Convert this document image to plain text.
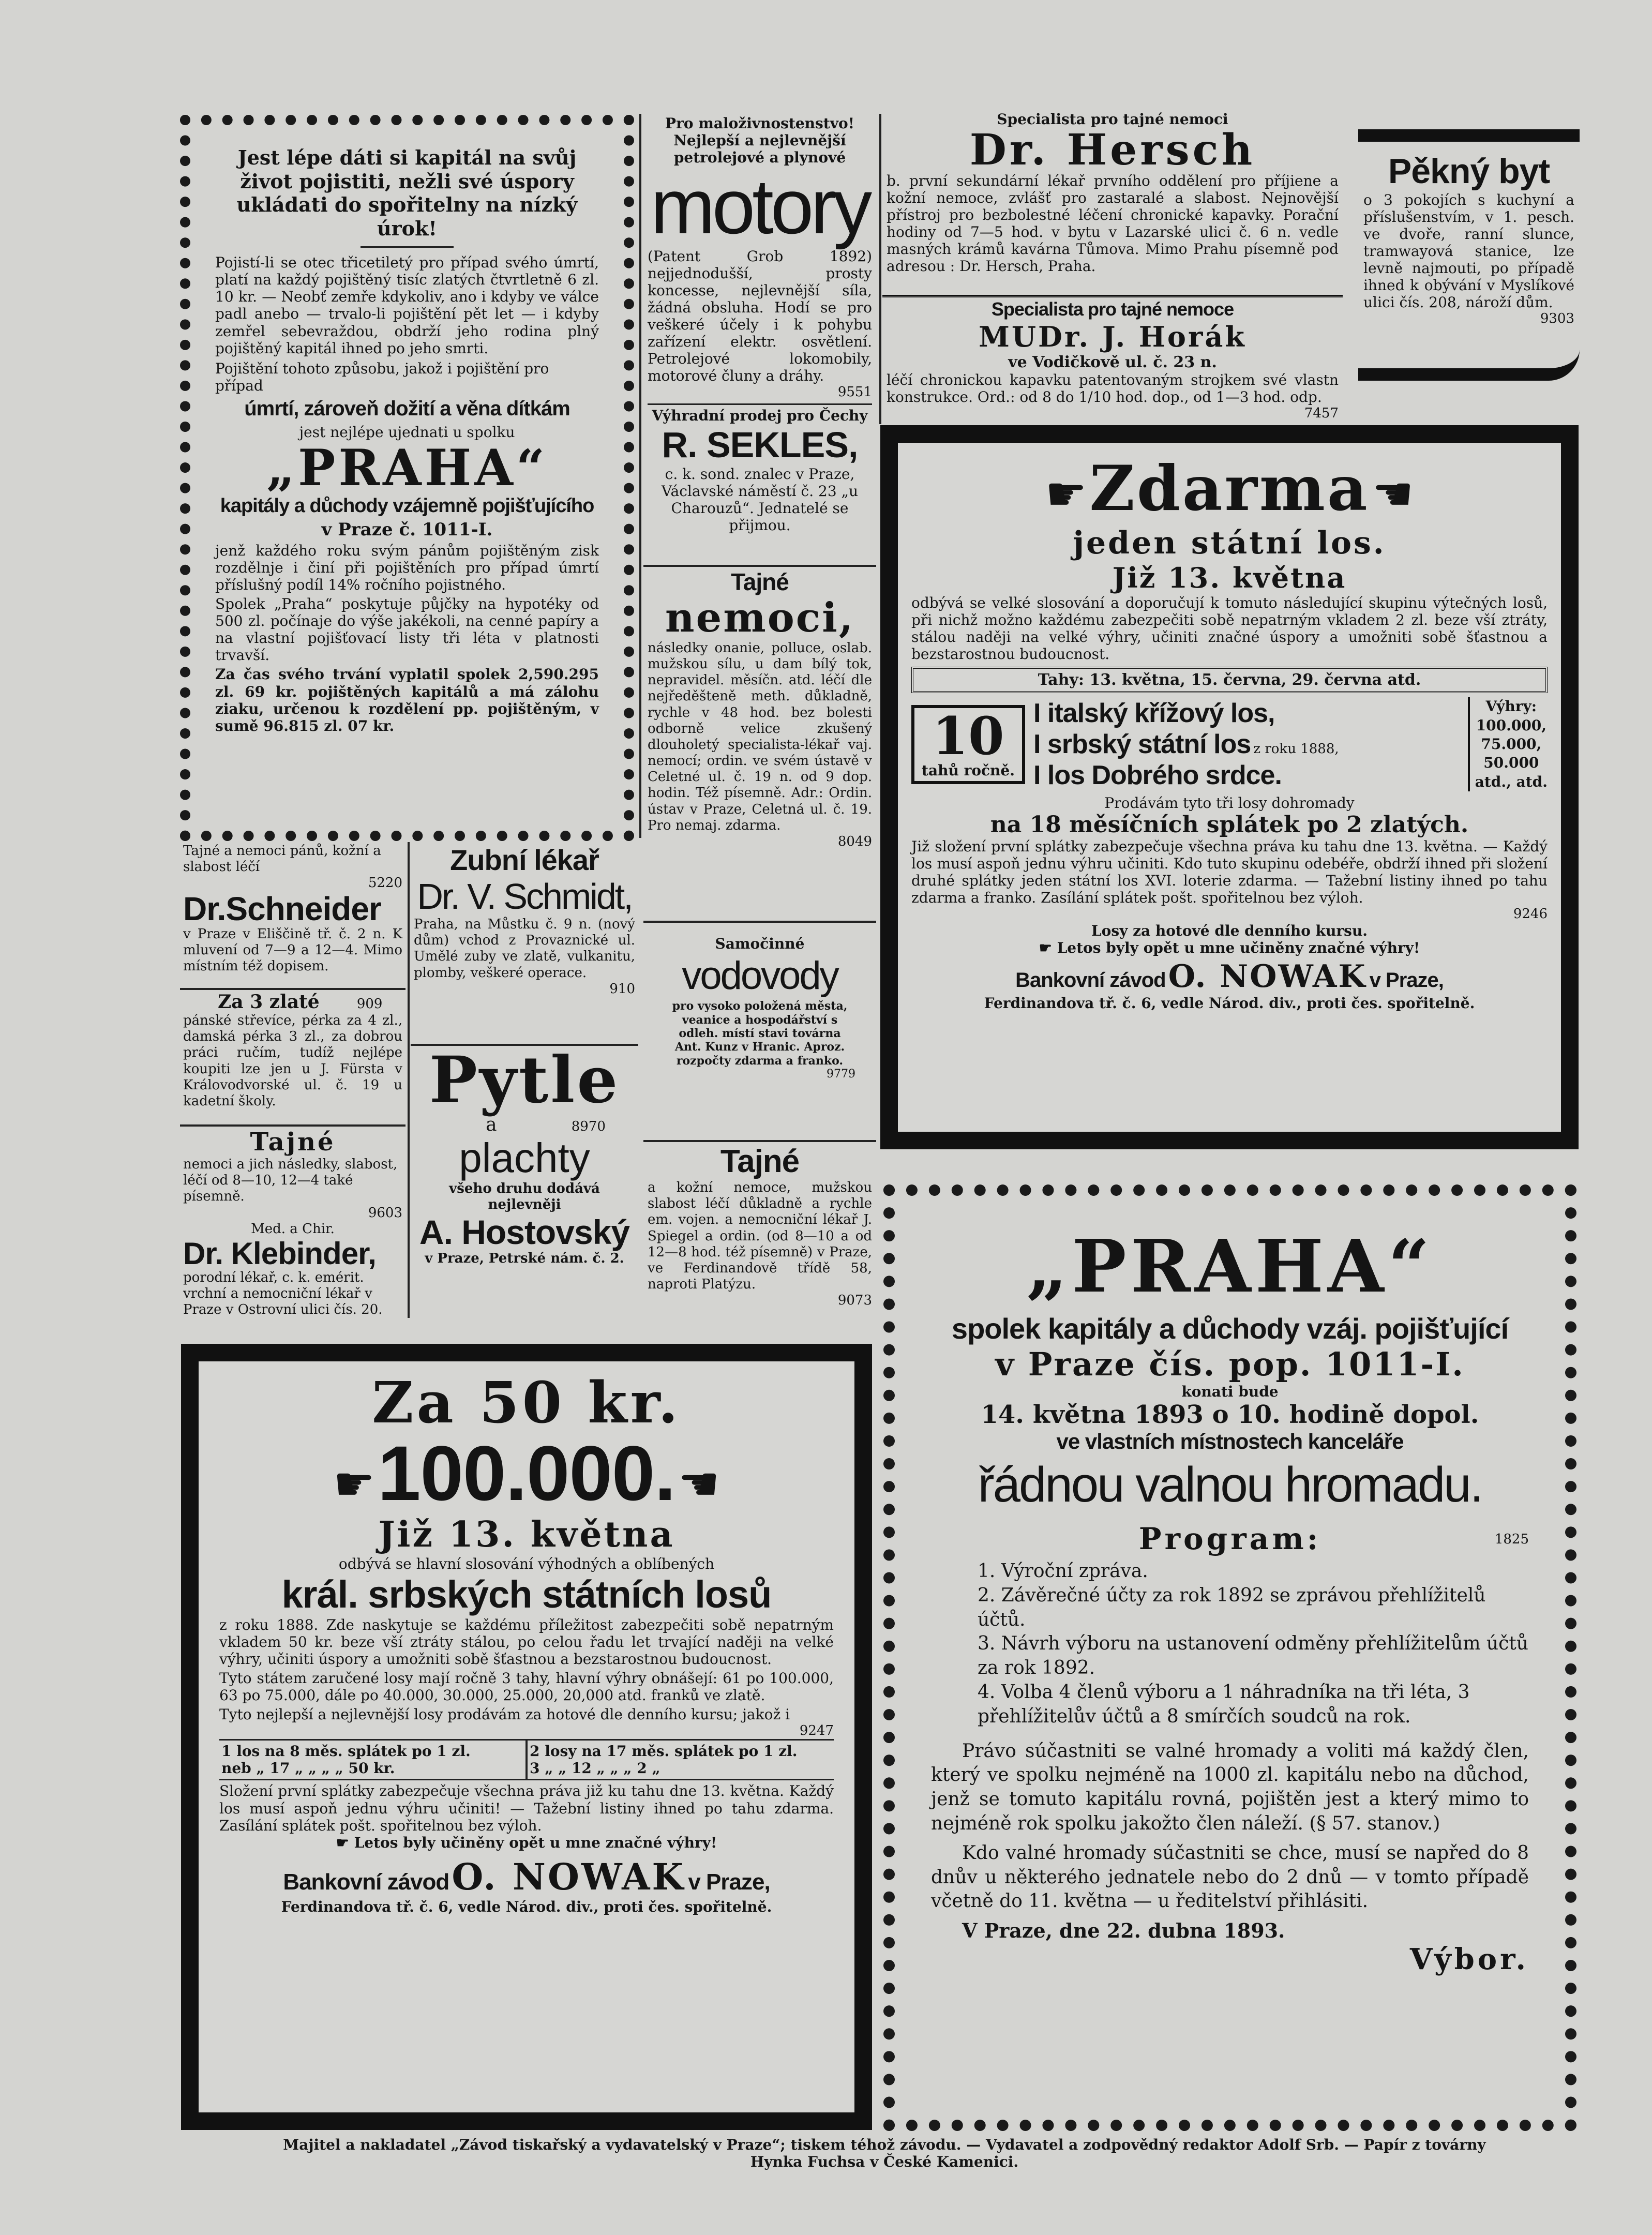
Jest lépe dáti si kapitál na svůj život pojistiti, nežli své úspory ukládati do spořitelny na nízký úrok!
Pojistí-li se otec třicetiletý pro případ svého úmrtí, platí na každý pojištěný tisíc zlatých čtvrtletně 6 zl. 10 kr. — Neobť zemře kdykoliv, ano i kdyby ve válce padl anebo — trvalo-li pojištění pět let — i kdyby zemřel sebevraždou, obdrží jeho rodina plný pojištěný kapitál ihned po jeho smrti.
Pojištění tohoto způsobu, jakož i pojištění pro případ
úmrtí, zároveň dožití a věna dítkám
jest nejlépe ujednati u spolku
„PRAHA“
kapitály a důchody vzájemně pojišťujícího
v Praze č. 1011-I.
jenž každého roku svým pánům pojištěným zisk rozdělnje i činí při pojištěních pro případ úmrtí příslušný podíl 14% ročního pojistného.
Spolek „Praha“ poskytuje půjčky na hypotéky od 500 zl. počínaje do výše jakékoli, na cenné papíry a na vlastní pojišťovací listy tři léta v platnosti trvavší.
Za čas svého trvání vyplatil spolek 2,590.295 zl. 69 kr. pojištěných kapitálů a má zálohu ziaku, určenou k rozdělení pp. pojištěným, v sumě 96.815 zl. 07 kr.
Pro maloživnostenstvo!
Nejlepší a nejlevnější petrolejové a plynové
motory
(Patent Grob 1892) nejjednodušší, prosty koncesse, nejlevnější síla, žádná obsluha. Hodí se pro veškeré účely i k pohybu zařízení elektr. osvětlení. Petrolejové lokomobily, motorové čluny a dráhy.
9551
Výhradní prodej pro Čechy
R. SEKLES,
c. k. sond. znalec v Praze, Václavské náměstí č. 23 „u Charouzů“. Jednatelé se přijmou.
Specialista pro tajné nemoci
Dr. Hersch
b. první sekundární lékař prvního oddělení pro příjiene a kožní nemoce, zvlášť pro zastaralé a slabost. Nejnovější přístroj pro bezbolestné léčení chronické kapavky. Porační hodiny od 7—5 hod. v bytu v Lazarské ulici č. 6 n. vedle masných krámů kavárna Tůmova. Mimo Prahu písemně pod adresou : Dr. Hersch, Praha.
Specialista pro tajné nemoce
MUDr. J. Horák
ve Vodičkově ul. č. 23 n.
léčí chronickou kapavku patentovaným strojkem své vlastn konstrukce. Ord.: od 8 do 1/10 hod. dop., od 1—3 hod. odp.
7457
Pěkný byt
o 3 pokojích s kuchyní a příslušenstvím, v 1. pesch. ve dvoře, ranní slunce, tramwayová stanice, lze levně najmouti, po případě ihned k obývání v Myslíkové ulici čís. 208, nároží dům.
9303
☛ Zdarma ☚
jeden státní los.
Již 13. května
odbývá se velké slosování a doporučují k tomuto následující skupinu výtečných losů, při nichž možno každému zabezpečiti sobě nepatrným vkladem 2 zl. beze vší ztráty, stálou naději na velké výhry, učiniti značné úspory a umožniti sobě šťastnou a bezstarostnou budoucnost.
Tahy: 13. května, 15. června, 29. června atd.
10
tahů ročně.
I italský křížový los,
I srbský státní los z roku 1888,
I los Dobrého srdce.
Výhry:
100.000,
75.000,
50.000
atd., atd.
Prodávám tyto tři losy dohromady
na 18 měsíčních splátek po 2 zlatých.
Již složení první splátky zabezpečuje všechna práva ku tahu dne 13. května. — Každý los musí aspoň jednu výhru učiniti. Kdo tuto skupinu odebéře, obdrží ihned při složení druhé splátky jeden státní los XVI. loterie zdarma. — Tažební listiny ihned po tahu zdarma a franko. Zasílání splátek pošt. spořitelnou bez výloh.
9246
Losy za hotové dle denního kursu.
☛ Letos byly opět u mne učiněny značné výhry!
Bankovní závod O. NOWAK v Praze,
Ferdinandova tř. č. 6, vedle Národ. div., proti čes. spořitelně.
Tajné a nemoci pánů, kožní a slabost léčí
5220
Dr.Schneider
v Praze v Eliščině tř. č. 2 n. K mluvení od 7—9 a 12—4. Mimo místním též dopisem.
Za 3 zlaté	909
pánské střevíce, pérka za 4 zl., damská pérka 3 zl., za dobrou práci ručím, tudíž nejlépe koupiti lze jen u J. Fürsta v Královodvorské ul. č. 19 u kadetní školy.
Tajné
nemoci a jich následky, slabost, léčí od 8—10, 12—4 také písemně.
9603
Med. a Chir.
Dr. Klebinder,
porodní lékař, c. k. emérit. vrchní a nemocniční lékař v Praze v Ostrovní ulici čís. 20.
Zubní lékař
Dr. V. Schmidt,
Praha, na Můstku č. 9 n. (nový dům) vchod z Provaznické ul. Umělé zuby ve zlatě, vulkanitu, plomby, veškeré operace.
910
Pytle
a	8970
plachty
všeho druhu dodává nejlevněji
A. Hostovský
v Praze, Petrské nám. č. 2.
Tajné
nemoci,
následky onanie, polluce, oslab. mužskou sílu, u dam bílý tok, nepravidel. měsíčn. atd. léčí dle nejředěšteně meth. důkladně, rychle v 48 hod. bez bolesti odborně velice zkušený dlouholetý specialista-lékař vaj. nemocí; ordin. ve svém ústavě v Celetné ul. č. 19 n. od 9 dop. hodin. Též písemně. Adr.: Ordin. ústav v Praze, Celetná ul. č. 19. Pro nemaj. zdarma.
8049
Samočinné
vodovody
pro vysoko položená města, veanice a hospodářství s odleh. místí stavi továrna Ant. Kunz v Hranic. Aproz. rozpočty zdarma a franko.
9779
Tajné
a kožní nemoce, mužskou slabost léčí důkladně a rychle em. vojen. a nemocniční lékař J. Spiegel a ordin. (od 8—10 a od 12—8 hod. též písemně) v Praze, ve Ferdinandově třídě 58, naproti Platýzu.
9073
Za 50 kr.
☛ 100.000. ☚
Již 13. května
odbývá se hlavní slosování výhodných a oblíbených
král. srbských státních losů
z roku 1888. Zde naskytuje se každému příležitost zabezpečiti sobě nepatrným vkladem 50 kr. beze vší ztráty stálou, po celou řadu let trvající naději na velké výhry, učiniti úspory a umožniti sobě šťastnou a bezstarostnou budoucnost.
Tyto státem zaručené losy mají ročně 3 tahy, hlavní výhry obnášejí: 61 po 100.000, 63 po 75.000, dále po 40.000, 30.000, 25.000, 20,000 atd. franků ve zlatě.
Tyto nejlepší a nejlevnější losy prodávám za hotové dle denního kursu; jakož i
9247
1 los na 8 měs. splátek po 1 zl.
neb „ 17 „ „ „ „ 50 kr.
2 losy na 17 měs. splátek po 1 zl.
3 „ „ 12 „ „ „ 2 „
Složení první splátky zabezpečuje všechna práva již ku tahu dne 13. května. Každý los musí aspoň jednu výhru učiniti! — Tažební listiny ihned po tahu zdarma. Zasílání splátek pošt. spořitelnou bez výloh.
☛ Letos byly učiněny opět u mne značné výhry!
Bankovní závod O. NOWAK v Praze,
Ferdinandova tř. č. 6, vedle Národ. div., proti čes. spořitelně.
„PRAHA“
spolek kapitály a důchody vzáj. pojišťující
v Praze čís. pop. 1011-I.
konati bude
14. května 1893 o 10. hodině dopol.
ve vlastních místnostech kanceláře
řádnou valnou hromadu.
Program:	1825
1. Výroční zpráva.
2. Závěrečné účty za rok 1892 se zprávou přehlížitelů účtů.
3. Návrh výboru na ustanovení odměny přehlížitelům účtů za rok 1892.
4. Volba 4 členů výboru a 1 náhradníka na tři léta, 3 přehlížitelův účtů a 8 smírčích soudců na rok.
Právo súčastniti se valné hromady a voliti má každý člen, který ve spolku nejméně na 1000 zl. kapitálu nebo na důchod, jenž se tomuto kapitálu rovná, pojištěn jest a který mimo to nejméně rok spolku jakožto člen náleží. (§ 57. stanov.)
Kdo valné hromady súčastniti se chce, musí se napřed do 8 dnův u některého jednatele nebo do 2 dnů — v tomto případě včetně do 11. května — u ředitelství přihlásiti.
V Praze, dne 22. dubna 1893.
Výbor.
Majitel a nakladatel „Závod tiskařský a vydavatelský v Praze“; tiskem téhož závodu. — Vydavatel a zodpovědný redaktor Adolf Srb. — Papír z továrny
Hynka Fuchsa v České Kamenici.
